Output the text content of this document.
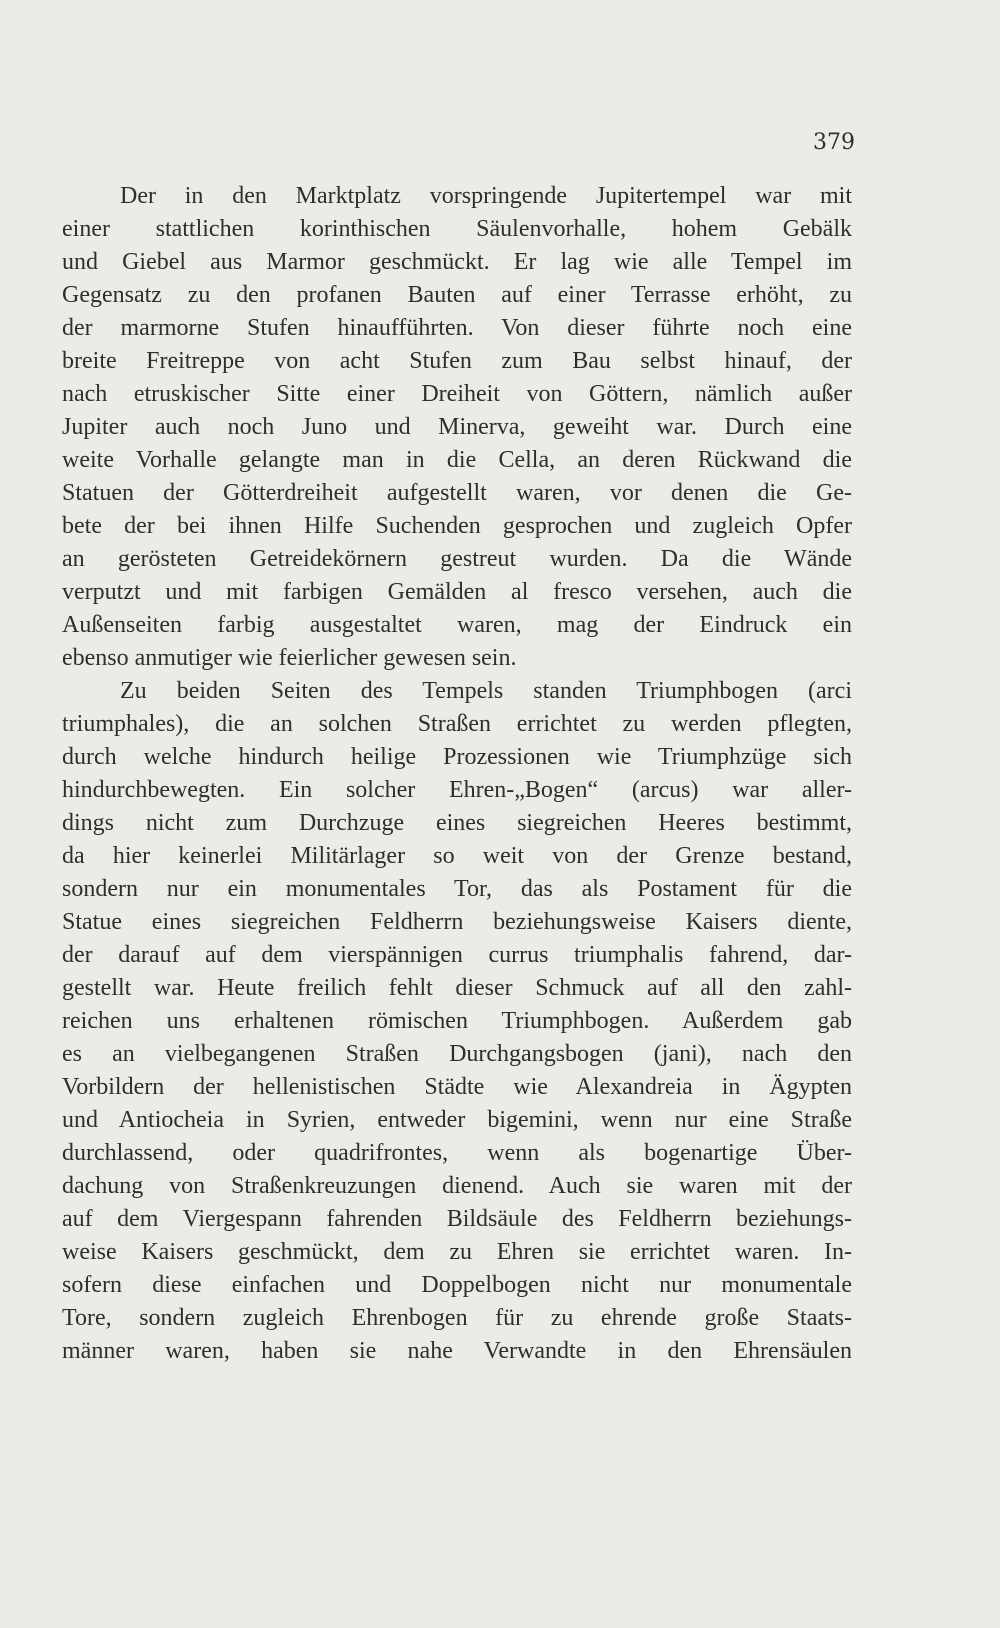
379
Der in den Marktplatz vorspringende Jupitertempel war mit
einer stattlichen korinthischen Säulenvorhalle, hohem Gebälk
und Giebel aus Marmor geschmückt. Er lag wie alle Tempel im
Gegensatz zu den profanen Bauten auf einer Terrasse erhöht, zu
der marmorne Stufen hinaufführten. Von dieser führte noch eine
breite Freitreppe von acht Stufen zum Bau selbst hinauf, der
nach etruskischer Sitte einer Dreiheit von Göttern, nämlich außer
Jupiter auch noch Juno und Minerva, geweiht war. Durch eine
weite Vorhalle gelangte man in die Cella, an deren Rückwand die
Statuen der Götterdreiheit aufgestellt waren, vor denen die Ge-
bete der bei ihnen Hilfe Suchenden gesprochen und zugleich Opfer
an gerösteten Getreidekörnern gestreut wurden. Da die Wände
verputzt und mit farbigen Gemälden al fresco versehen, auch die
Außenseiten farbig ausgestaltet waren, mag der Eindruck ein
ebenso anmutiger wie feierlicher gewesen sein.
Zu beiden Seiten des Tempels standen Triumphbogen (arci
triumphales), die an solchen Straßen errichtet zu werden pflegten,
durch welche hindurch heilige Prozessionen wie Triumphzüge sich
hindurchbewegten. Ein solcher Ehren-„Bogen“ (arcus) war aller-
dings nicht zum Durchzuge eines siegreichen Heeres bestimmt,
da hier keinerlei Militärlager so weit von der Grenze bestand,
sondern nur ein monumentales Tor, das als Postament für die
Statue eines siegreichen Feldherrn beziehungsweise Kaisers diente,
der darauf auf dem vierspännigen currus triumphalis fahrend, dar-
gestellt war. Heute freilich fehlt dieser Schmuck auf all den zahl-
reichen uns erhaltenen römischen Triumphbogen. Außerdem gab
es an vielbegangenen Straßen Durchgangsbogen (jani), nach den
Vorbildern der hellenistischen Städte wie Alexandreia in Ägypten
und Antiocheia in Syrien, entweder bigemini, wenn nur eine Straße
durchlassend, oder quadrifrontes, wenn als bogenartige Über-
dachung von Straßenkreuzungen dienend. Auch sie waren mit der
auf dem Viergespann fahrenden Bildsäule des Feldherrn beziehungs-
weise Kaisers geschmückt, dem zu Ehren sie errichtet waren. In-
sofern diese einfachen und Doppelbogen nicht nur monumentale
Tore, sondern zugleich Ehrenbogen für zu ehrende große Staats-
männer waren, haben sie nahe Verwandte in den Ehrensäulen
